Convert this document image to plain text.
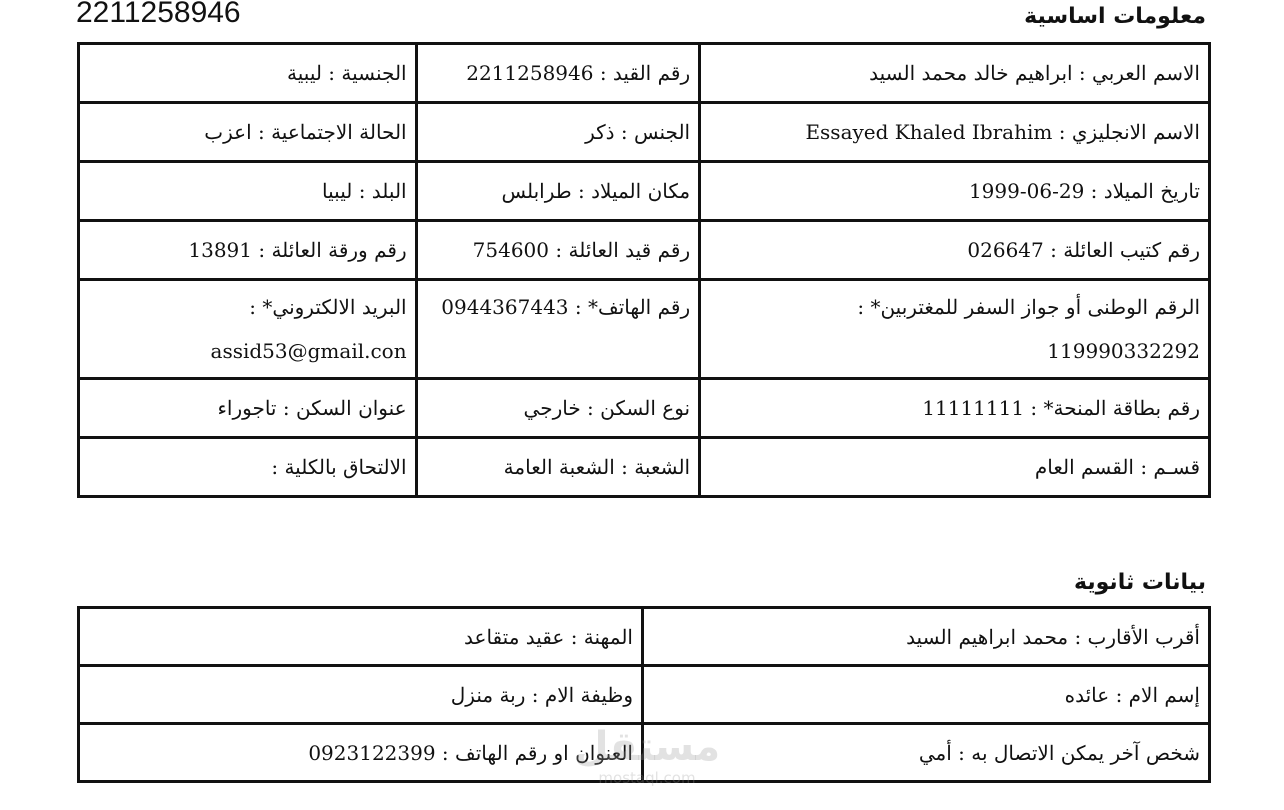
2211258946	معلومات اساسية
الاسم العربي : ابراهيم خالد محمد السيد	رقم القيد : 2211258946	الجنسية : ليبية
الاسم الانجليزي : Essayed Khaled Ibrahim	الجنس : ذكر	الحالة الاجتماعية : اعزب
تاريخ الميلاد : 29-06-1999	مكان الميلاد : طرابلس	البلد : ليبيا
رقم كتيب العائلة : 026647	رقم قيد العائلة : 754600	رقم ورقة العائلة : 13891
الرقم الوطنى أو جواز السفر للمغتربين* : 119990332292	رقم الهاتف* : 0944367443	البريد الالكتروني* : assid53@gmail.con
رقم بطاقة المنحة* : 11111111	نوع السكن : خارجي	عنوان السكن : تاجوراء
قسـم : القسم العام	الشعبة : الشعبة العامة	الالتحاق بالكلية :
بيانات ثانوية
أقرب الأقارب : محمد ابراهيم السيد	المهنة : عقيد متقاعد
إسم الام : عائده	وظيفة الام : ربة منزل
شخص آخر يمكن الاتصال به : أمي	العنوان او رقم الهاتف : 0923122399
مستقل
mostaql.com
